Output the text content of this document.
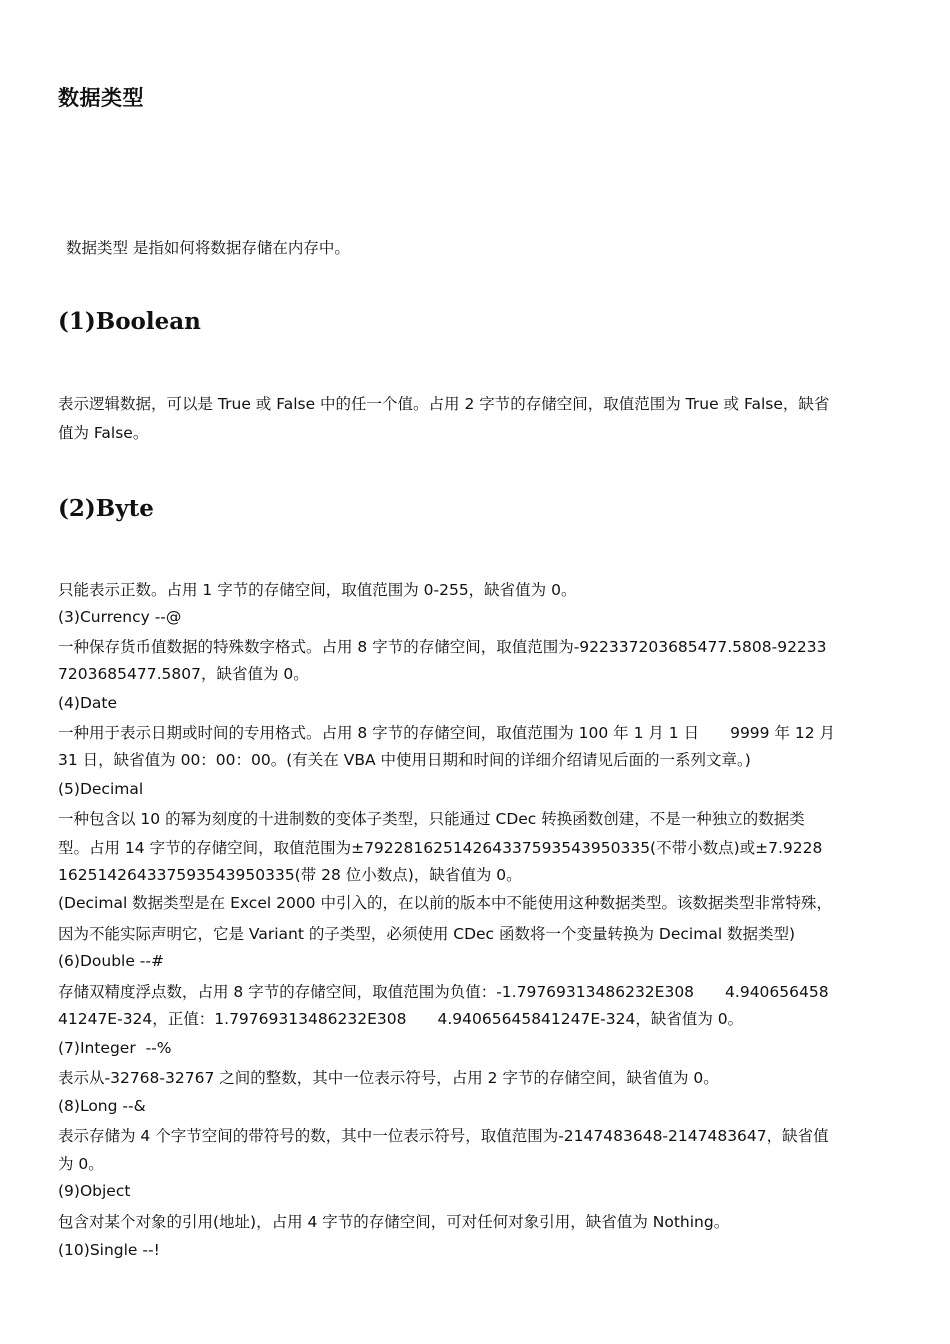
数据类型
数据类型 是指如何将数据存储在内存中。
(1)Boolean
表示逻辑数据，可以是 True 或 False 中的任一个值。占用 2 字节的存储空间，取值范围为 True 或 False，缺省
值为 False。
(2)Byte
只能表示正数。占用 1 字节的存储空间，取值范围为 0-255，缺省值为 0。
(3)Currency --@
一种保存货币值数据的特殊数字格式。占用 8 字节的存储空间，取值范围为-922337203685477.5808-92233
7203685477.5807，缺省值为 0。
(4)Date
一种用于表示日期或时间的专用格式。占用 8 字节的存储空间，取值范围为 100 年 1 月 1 日　　9999 年 12 月
31 日，缺省值为 00：00：00。(有关在 VBA 中使用日期和时间的详细介绍请见后面的一系列文章。)
(5)Decimal
一种包含以 10 的幂为刻度的十进制数的变体子类型，只能通过 CDec 转换函数创建，不是一种独立的数据类
型。占用 14 字节的存储空间，取值范围为±79228162514264337593543950335(不带小数点)或±7.9228
162514264337593543950335(带 28 位小数点)，缺省值为 0。
(Decimal 数据类型是在 Excel 2000 中引入的，在以前的版本中不能使用这种数据类型。该数据类型非常特殊，
因为不能实际声明它，它是 Variant 的子类型，必须使用 CDec 函数将一个变量转换为 Decimal 数据类型)
(6)Double --#
存储双精度浮点数，占用 8 字节的存储空间，取值范围为负值：-1.79769313486232E308　　4.940656458
41247E-324，正值：1.79769313486232E308　　4.94065645841247E-324，缺省值为 0。
(7)Integer  --%
表示从-32768-32767 之间的整数，其中一位表示符号，占用 2 字节的存储空间，缺省值为 0。
(8)Long --&
表示存储为 4 个字节空间的带符号的数，其中一位表示符号，取值范围为-2147483648-2147483647，缺省值
为 0。
(9)Object
包含对某个对象的引用(地址)，占用 4 字节的存储空间，可对任何对象引用，缺省值为 Nothing。
(10)Single --!
